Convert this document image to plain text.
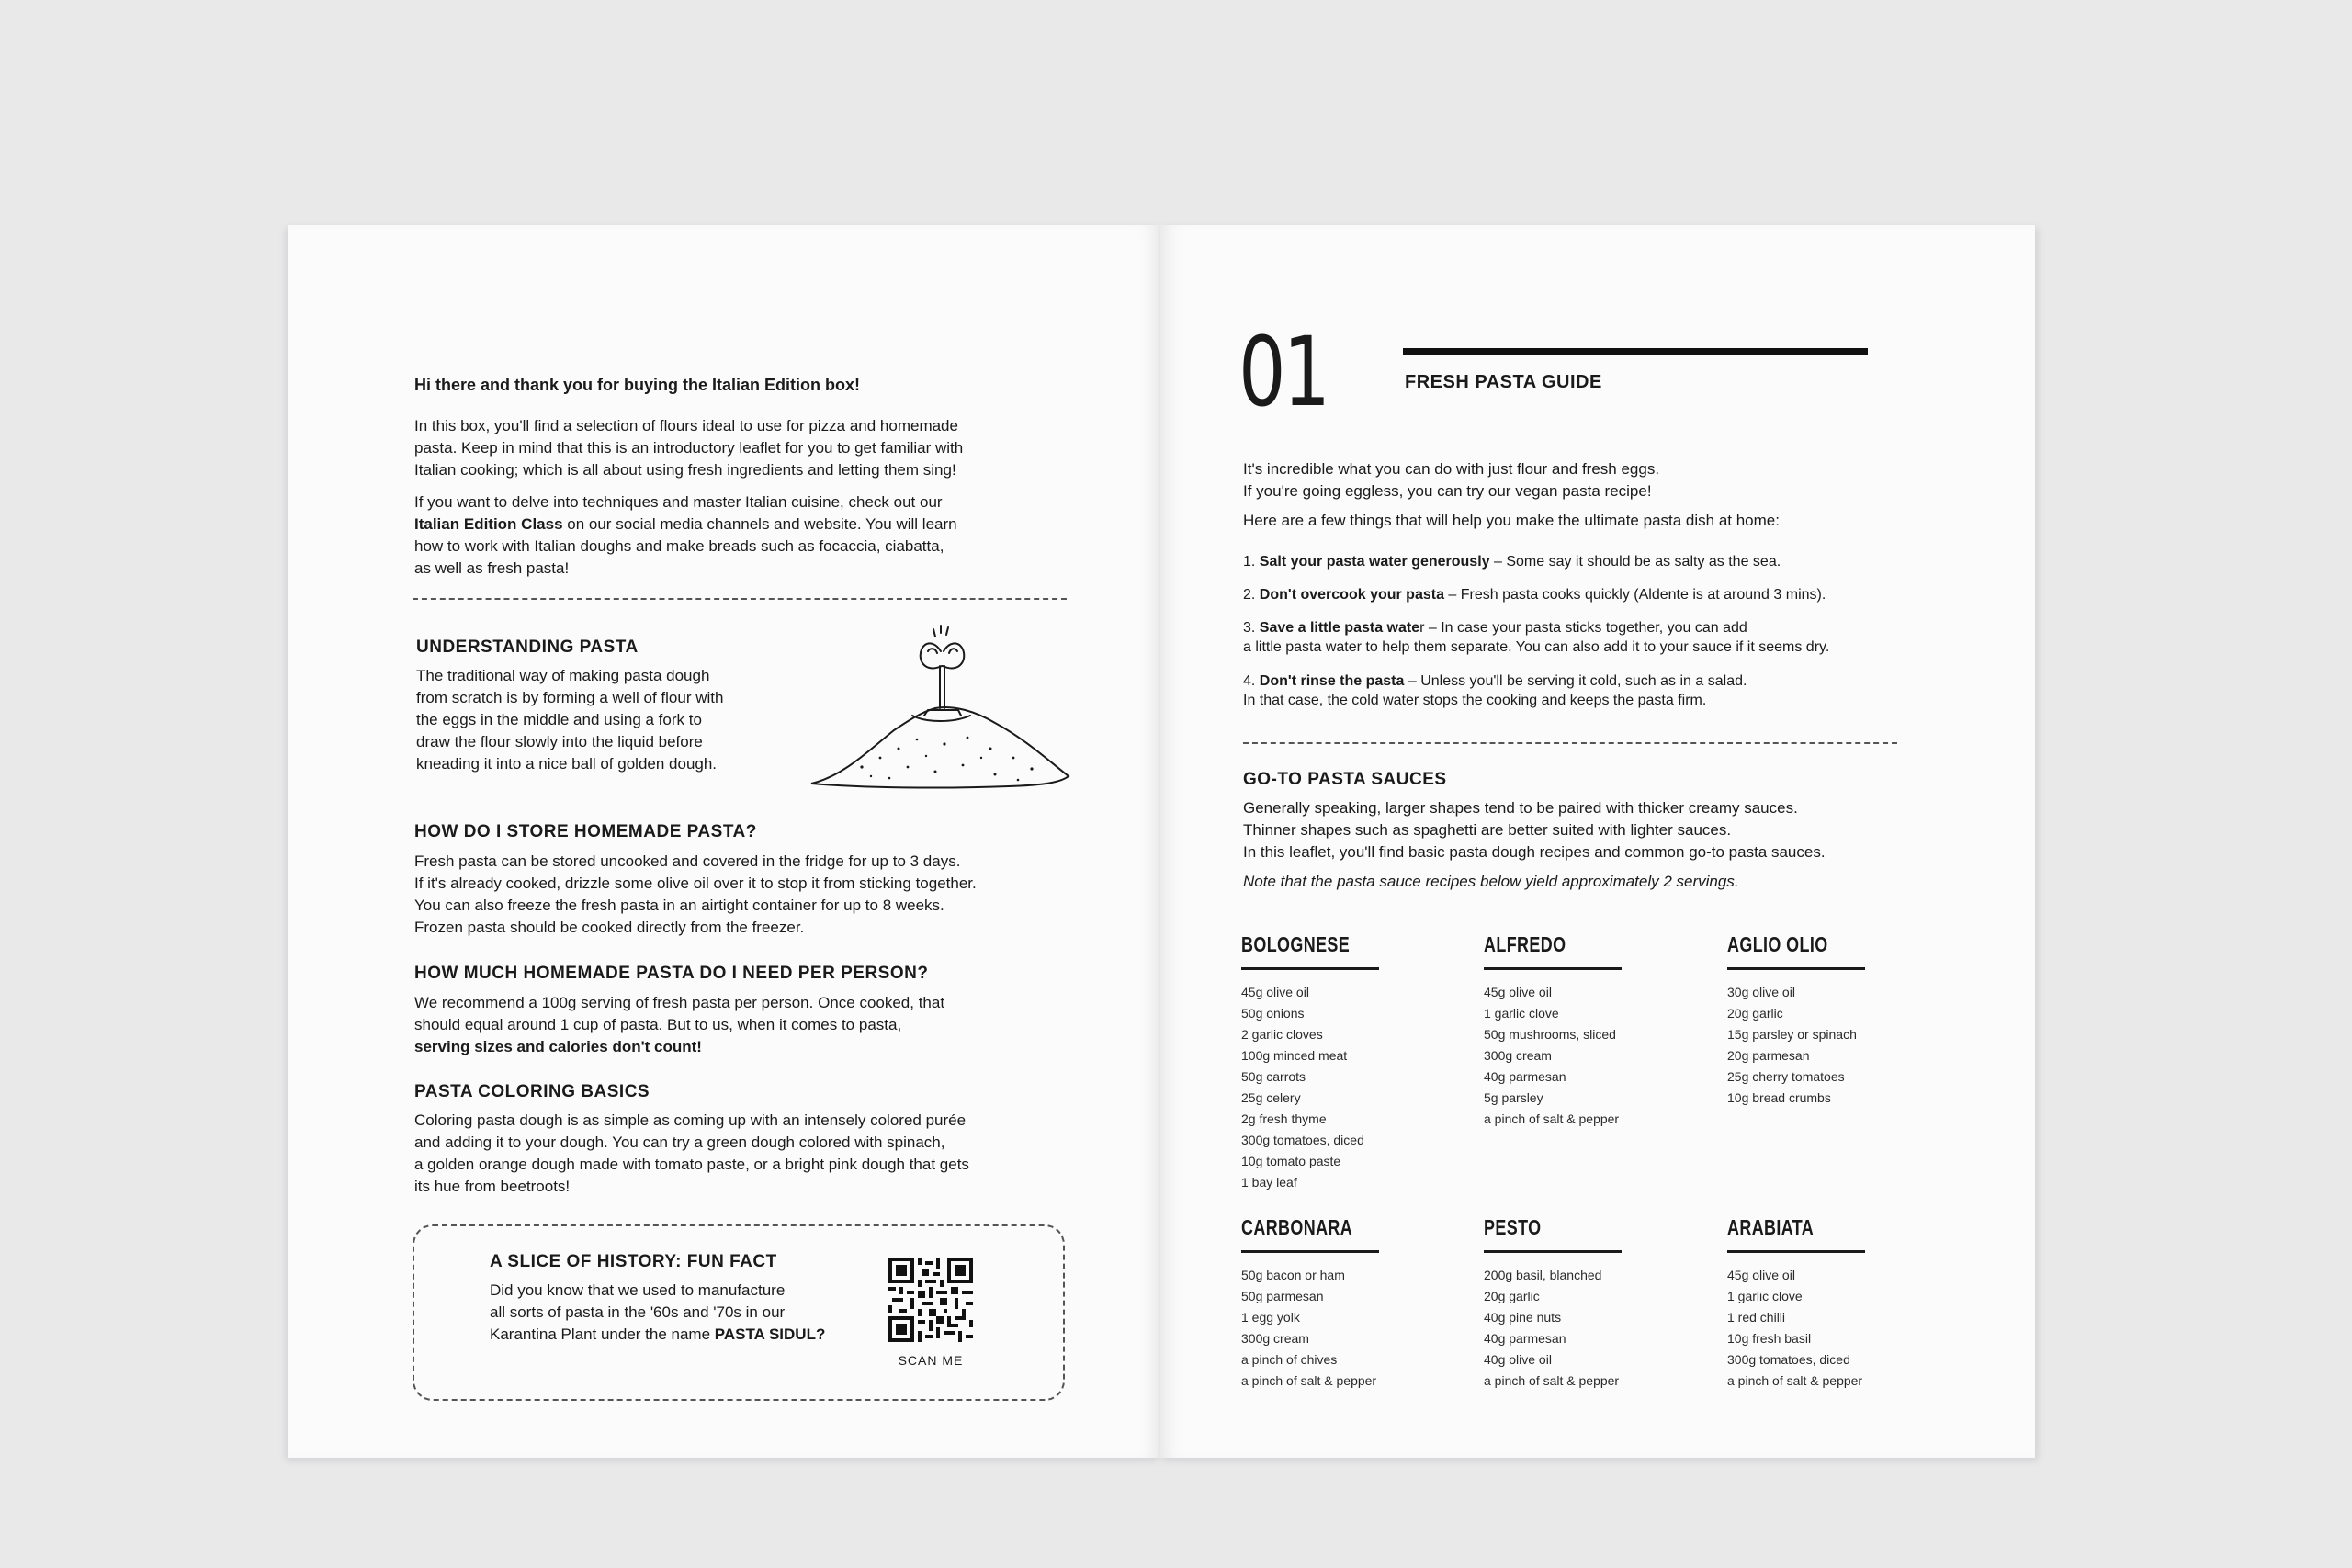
Hi there and thank you for buying the Italian Edition box!

In this box, you'll find a selection of flours ideal to use for pizza and homemade

pasta. Keep in mind that this is an introductory leaflet for you to get familiar with

Italian cooking; which is all about using fresh ingredients and letting them sing!

If you want to delve into techniques and master Italian cuisine, check out our

Italian Edition Class on our social media channels and website. You will learn

how to work with Italian doughs and make breads such as focaccia, ciabatta,

as well as fresh pasta!

UNDERSTANDING PASTA

The traditional way of making pasta dough

from scratch is by forming a well of flour with

the eggs in the middle and using a fork to

draw the flour slowly into the liquid before

kneading it into a nice ball of golden dough.

HOW DO I STORE HOMEMADE PASTA?

Fresh pasta can be stored uncooked and covered in the fridge for up to 3 days.

If it's already cooked, drizzle some olive oil over it to stop it from sticking together.

You can also freeze the fresh pasta in an airtight container for up to 8 weeks.

Frozen pasta should be cooked directly from the freezer.

HOW MUCH HOMEMADE PASTA DO I NEED PER PERSON?

We recommend a 100g serving of fresh pasta per person. Once cooked, that

should equal around 1 cup of pasta. But to us, when it comes to pasta,

serving sizes and calories don't count!

PASTA COLORING BASICS

Coloring pasta dough is as simple as coming up with an intensely colored purée

and adding it to your dough. You can try a green dough colored with spinach,

a golden orange dough made with tomato paste, or a bright pink dough that gets

its hue from beetroots!

A SLICE OF HISTORY: FUN FACT

Did you know that we used to manufacture

all sorts of pasta in the '60s and '70s in our

Karantina Plant under the name PASTA SIDUL?

SCAN ME
01	FRESH PASTA GUIDE

It's incredible what you can do with just flour and fresh eggs.

If you're going eggless, you can try our vegan pasta recipe!

Here are a few things that will help you make the ultimate pasta dish at home:

1. Salt your pasta water generously – Some say it should be as salty as the sea.

2. Don't overcook your pasta – Fresh pasta cooks quickly (Aldente is at around 3 mins).

3. Save a little pasta water – In case your pasta sticks together, you can add

a little pasta water to help them separate. You can also add it to your sauce if it seems dry.

4. Don't rinse the pasta – Unless you'll be serving it cold, such as in a salad.

In that case, the cold water stops the cooking and keeps the pasta firm.

GO-TO PASTA SAUCES

Generally speaking, larger shapes tend to be paired with thicker creamy sauces.

Thinner shapes such as spaghetti are better suited with lighter sauces.

In this leaflet, you'll find basic pasta dough recipes and common go-to pasta sauces.

Note that the pasta sauce recipes below yield approximately 2 servings.

BOLOGNESE
45g olive oil
50g onions
2 garlic cloves
100g minced meat
50g carrots
25g celery
2g fresh thyme
300g tomatoes, diced
10g tomato paste
1 bay leaf
ALFREDO
45g olive oil
1 garlic clove
50g mushrooms, sliced
300g cream
40g parmesan
5g parsley
a pinch of salt & pepper
AGLIO OLIO
30g olive oil
20g garlic
15g parsley or spinach
20g parmesan
25g cherry tomatoes
10g bread crumbs
CARBONARA
50g bacon or ham
50g parmesan
1 egg yolk
300g cream
a pinch of chives
a pinch of salt & pepper
PESTO
200g basil, blanched
20g garlic
40g pine nuts
40g parmesan
40g olive oil
a pinch of salt & pepper
ARABIATA
45g olive oil
1 garlic clove
1 red chilli
10g fresh basil
300g tomatoes, diced
a pinch of salt & pepper
